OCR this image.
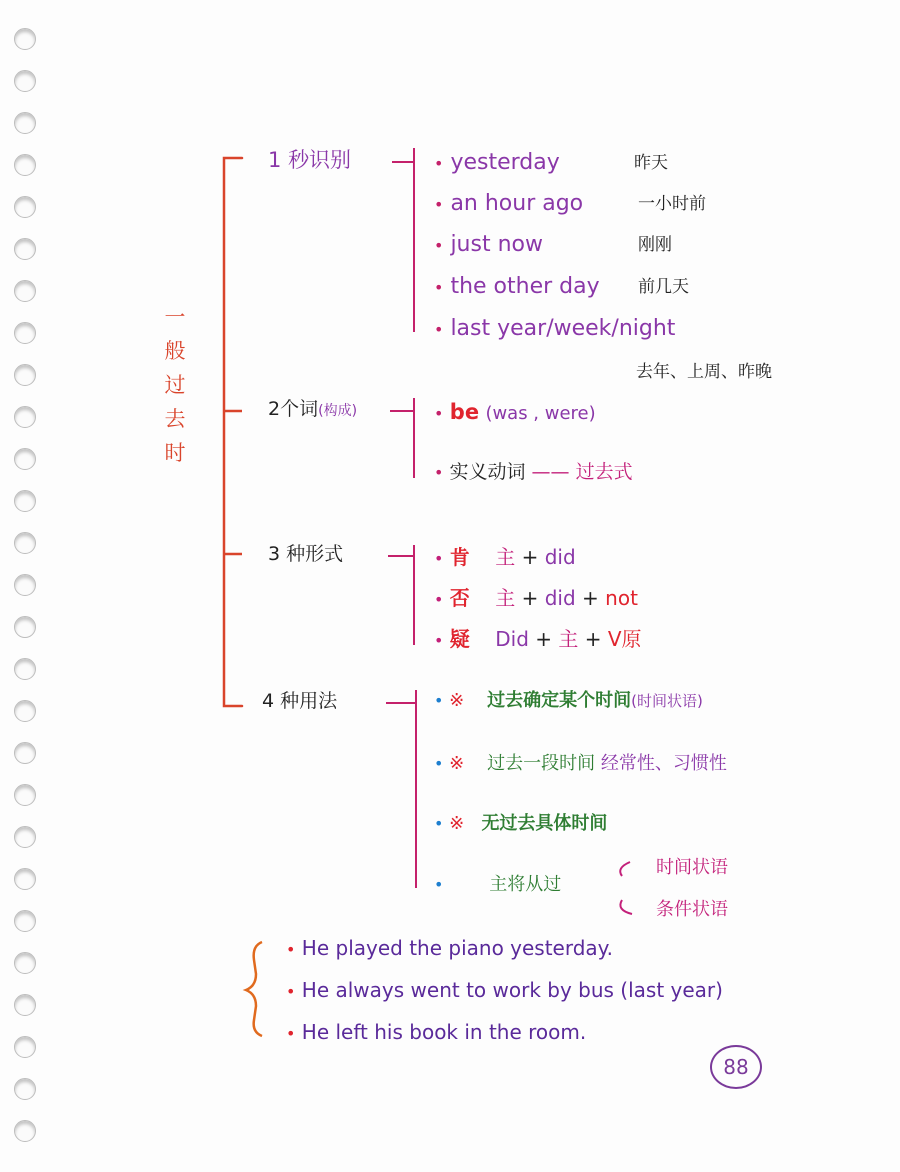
一
般
过
去
时
1 秒识别
2个词(构成)
3 种形式
4 种用法
• yesterday	昨天
• an hour ago	一小时前
• just now	刚刚
• the other day 前几天
• last year/week/night
去年、上周、昨晚
• be (was , were)
• 实义动词 —— 过去式
• 肯 主 + did
• 否 主 + did + not
• 疑 Did + 主 + V原
• ※ 过去确定某个时间(时间状语)
• ※ 过去一段时间 经常性、习惯性
• ※ 无过去具体时间
•	主将从过
时间状语
条件状语
• He played the piano yesterday.
• He always went to work by bus (last year)
• He left his book in the room.
88
